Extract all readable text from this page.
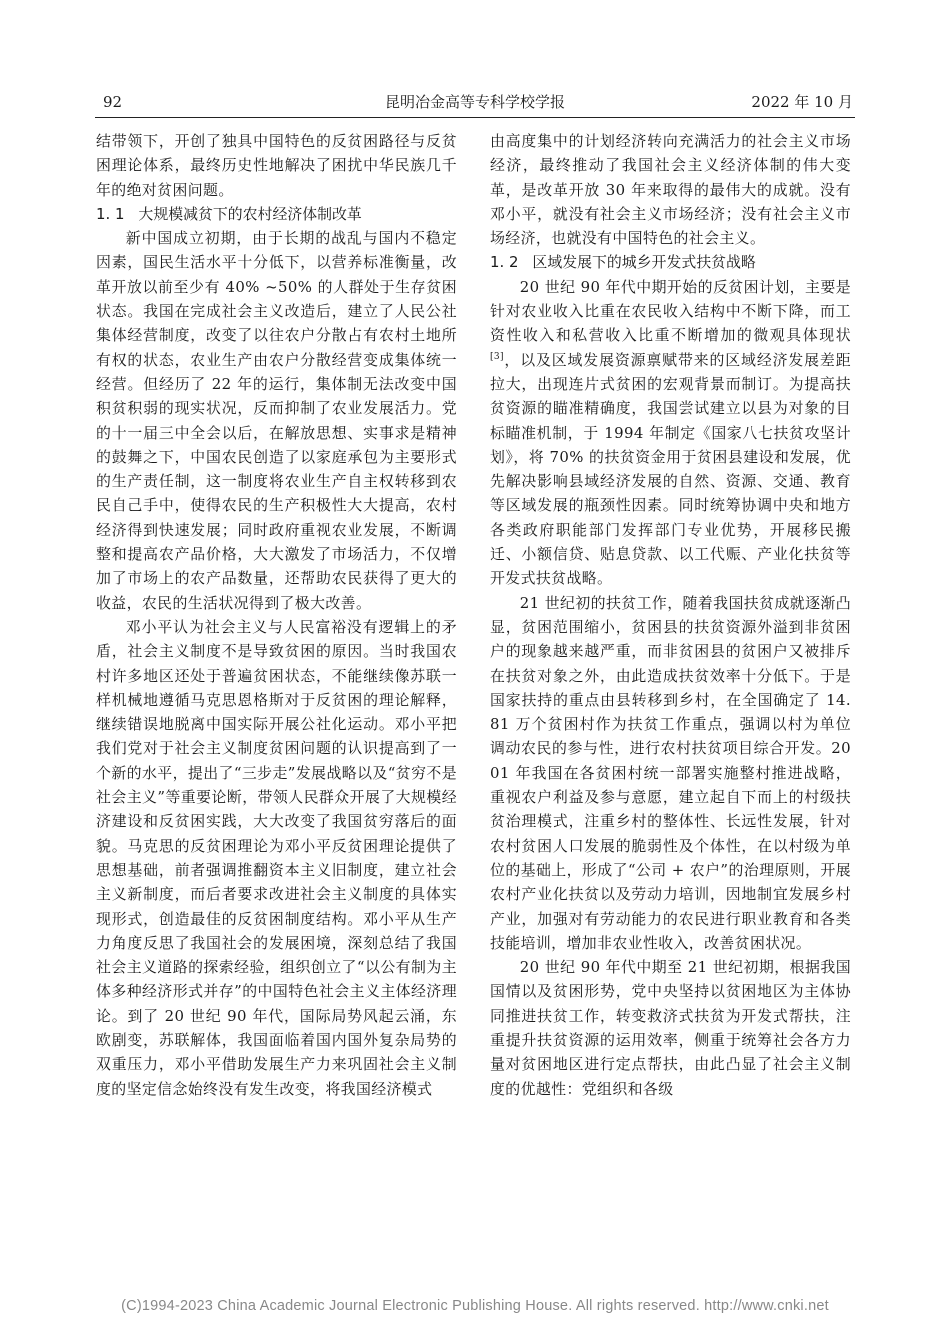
92	昆明冶金高等专科学校学报	2022 年 10 月

结带领下，开创了独具中国特色的反贫困路径与反贫困理论体系，最终历史性地解决了困扰中华民族几千年的绝对贫困问题。

1. 1 大规模减贫下的农村经济体制改革

新中国成立初期，由于长期的战乱与国内不稳定因素，国民生活水平十分低下，以营养标准衡量，改革开放以前至少有 40% ~50% 的人群处于生存贫困状态。我国在完成社会主义改造后，建立了人民公社集体经营制度，改变了以往农户分散占有农村土地所有权的状态，农业生产由农户分散经营变成集体统一经营。但经历了 22 年的运行，集体制无法改变中国积贫积弱的现实状况，反而抑制了农业发展活力。党的十一届三中全会以后，在解放思想、实事求是精神的鼓舞之下，中国农民创造了以家庭承包为主要形式的生产责任制，这一制度将农业生产自主权转移到农民自己手中，使得农民的生产积极性大大提高，农村经济得到快速发展；同时政府重视农业发展，不断调整和提高农产品价格，大大激发了市场活力，不仅增加了市场上的农产品数量，还帮助农民获得了更大的收益，农民的生活状况得到了极大改善。

邓小平认为社会主义与人民富裕没有逻辑上的矛盾，社会主义制度不是导致贫困的原因。当时我国农村许多地区还处于普遍贫困状态，不能继续像苏联一样机械地遵循马克思恩格斯对于反贫困的理论解释，继续错误地脱离中国实际开展公社化运动。邓小平把我们党对于社会主义制度贫困问题的认识提高到了一个新的水平，提出了“三步走”发展战略以及“贫穷不是社会主义”等重要论断，带领人民群众开展了大规模经济建设和反贫困实践，大大改变了我国贫穷落后的面貌。马克思的反贫困理论为邓小平反贫困理论提供了思想基础，前者强调推翻资本主义旧制度，建立社会主义新制度，而后者要求改进社会主义制度的具体实现形式，创造最佳的反贫困制度结构。邓小平从生产力角度反思了我国社会的发展困境，深刻总结了我国社会主义道路的探索经验，组织创立了“以公有制为主体多种经济形式并存”的中国特色社会主义主体经济理论。到了 20 世纪 90 年代，国际局势风起云涌，东欧剧变，苏联解体，我国面临着国内国外复杂局势的双重压力，邓小平借助发展生产力来巩固社会主义制度的坚定信念始终没有发生改变，将我国经济模式

由高度集中的计划经济转向充满活力的社会主义市场经济，最终推动了我国社会主义经济体制的伟大变革，是改革开放 30 年来取得的最伟大的成就。没有邓小平，就没有社会主义市场经济；没有社会主义市场经济，也就没有中国特色的社会主义。

1. 2 区域发展下的城乡开发式扶贫战略

20 世纪 90 年代中期开始的反贫困计划，主要是针对农业收入比重在农民收入结构中不断下降，而工资性收入和私营收入比重不断增加的微观具体现状[3]，以及区域发展资源禀赋带来的区域经济发展差距拉大，出现连片式贫困的宏观背景而制订。为提高扶贫资源的瞄准精确度，我国尝试建立以县为对象的目标瞄准机制，于 1994 年制定《国家八七扶贫攻坚计划》，将 70% 的扶贫资金用于贫困县建设和发展，优先解决影响县域经济发展的自然、资源、交通、教育等区域发展的瓶颈性因素。同时统筹协调中央和地方各类政府职能部门发挥部门专业优势，开展移民搬迁、小额信贷、贴息贷款、以工代赈、产业化扶贫等开发式扶贫战略。

21 世纪初的扶贫工作，随着我国扶贫成就逐渐凸显，贫困范围缩小，贫困县的扶贫资源外溢到非贫困户的现象越来越严重，而非贫困县的贫困户又被排斥在扶贫对象之外，由此造成扶贫效率十分低下。于是国家扶持的重点由县转移到乡村，在全国确定了 14. 81 万个贫困村作为扶贫工作重点，强调以村为单位调动农民的参与性，进行农村扶贫项目综合开发。2001 年我国在各贫困村统一部署实施整村推进战略，重视农户利益及参与意愿，建立起自下而上的村级扶贫治理模式，注重乡村的整体性、长远性发展，针对农村贫困人口发展的脆弱性及个体性，在以村级为单位的基础上，形成了“公司 + 农户”的治理原则，开展农村产业化扶贫以及劳动力培训，因地制宜发展乡村产业，加强对有劳动能力的农民进行职业教育和各类技能培训，增加非农业性收入，改善贫困状况。

20 世纪 90 年代中期至 21 世纪初期，根据我国国情以及贫困形势，党中央坚持以贫困地区为主体协同推进扶贫工作，转变救济式扶贫为开发式帮扶，注重提升扶贫资源的运用效率，侧重于统筹社会各方力量对贫困地区进行定点帮扶，由此凸显了社会主义制度的优越性：党组织和各级

(C)1994-2023 China Academic Journal Electronic Publishing House. All rights reserved. http://www.cnki.net
